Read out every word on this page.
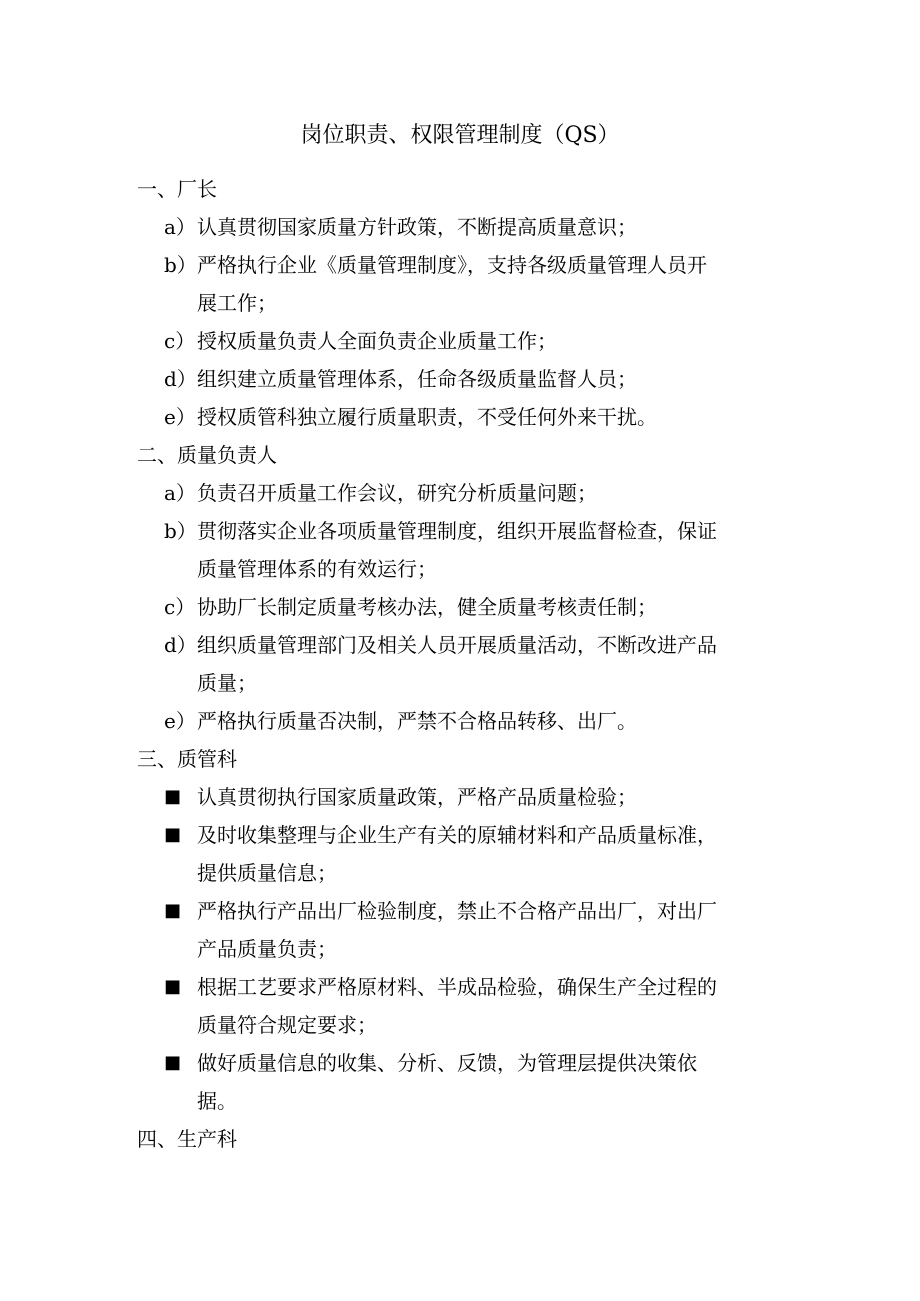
岗位职责、权限管理制度（QS）
一、厂长
a） 认真贯彻国家质量方针政策，不断提高质量意识；
b） 严格执行企业《质量管理制度》，支持各级质量管理人员开
展工作；
c） 授权质量负责人全面负责企业质量工作；
d） 组织建立质量管理体系，任命各级质量监督人员；
e） 授权质管科独立履行质量职责，不受任何外来干扰。
二、质量负责人
a） 负责召开质量工作会议，研究分析质量问题；
b） 贯彻落实企业各项质量管理制度，组织开展监督检查，保证
质量管理体系的有效运行；
c） 协助厂长制定质量考核办法，健全质量考核责任制；
d） 组织质量管理部门及相关人员开展质量活动，不断改进产品
质量；
e） 严格执行质量否决制，严禁不合格品转移、出厂。
三、质管科
■ 认真贯彻执行国家质量政策，严格产品质量检验；
■ 及时收集整理与企业生产有关的原辅材料和产品质量标准，
提供质量信息；
■ 严格执行产品出厂检验制度，禁止不合格产品出厂，对出厂
产品质量负责；
■ 根据工艺要求严格原材料、半成品检验，确保生产全过程的
质量符合规定要求；
■ 做好质量信息的收集、分析、反馈，为管理层提供决策依
据。
四、生产科
